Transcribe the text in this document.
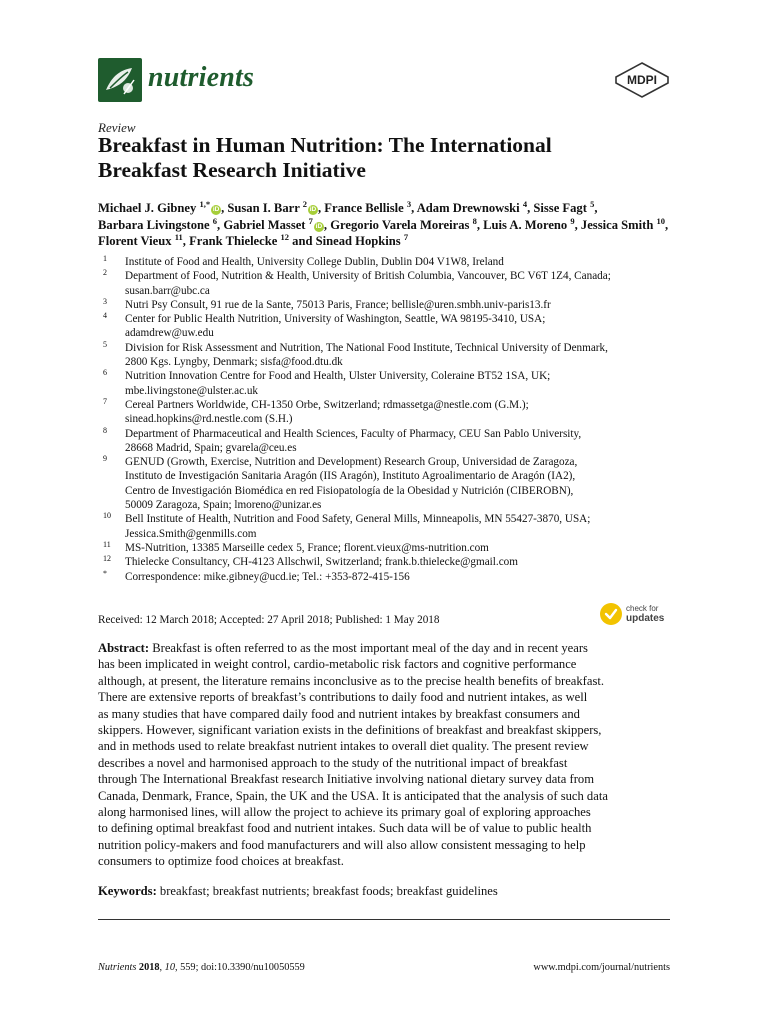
nutrients	MDPI
Review
Breakfast in Human Nutrition: The International
Breakfast Research Initiative
Michael J. Gibney $^{1,*}$iD , Susan I. Barr $^2$iD , France Bellisle $^3$, Adam Drewnowski $^4$, Sisse Fagt $^5$, Barbara Livingstone $^6$, Gabriel Masset $^7$iD , Gregorio Varela Moreiras $^8$, Luis A. Moreno $^9$, Jessica Smith $^{10}$, Florent Vieux $^{11}$, Frank Thielecke $^{12}$ and Sinead Hopkins $^7$
1	Institute of Food and Health, University College Dublin, Dublin D04 V1W8, Ireland
2	Department of Food, Nutrition & Health, University of British Columbia, Vancouver, BC V6T 1Z4, Canada;
susan.barr@ubc.ca
3	Nutri Psy Consult, 91 rue de la Sante, 75013 Paris, France; bellisle@uren.smbh.univ-paris13.fr
4	Center for Public Health Nutrition, University of Washington, Seattle, WA 98195-3410, USA;
adamdrew@uw.edu
5	Division for Risk Assessment and Nutrition, The National Food Institute, Technical University of Denmark,
2800 Kgs. Lyngby, Denmark; sisfa@food.dtu.dk
6	Nutrition Innovation Centre for Food and Health, Ulster University, Coleraine BT52 1SA, UK;
mbe.livingstone@ulster.ac.uk
7	Cereal Partners Worldwide, CH-1350 Orbe, Switzerland; rdmassetga@nestle.com (G.M.);
sinead.hopkins@rd.nestle.com (S.H.)
8	Department of Pharmaceutical and Health Sciences, Faculty of Pharmacy, CEU San Pablo University,
28668 Madrid, Spain; gvarela@ceu.es
9	GENUD (Growth, Exercise, Nutrition and Development) Research Group, Universidad de Zaragoza,
Instituto de Investigación Sanitaria Aragón (IIS Aragón), Instituto Agroalimentario de Aragón (IA2),
Centro de Investigación Biomédica en red Fisiopatología de la Obesidad y Nutrición (CIBEROBN),
50009 Zaragoza, Spain; lmoreno@unizar.es
10	Bell Institute of Health, Nutrition and Food Safety, General Mills, Minneapolis, MN 55427-3870, USA;
Jessica.Smith@genmills.com
11	MS-Nutrition, 13385 Marseille cedex 5, France; florent.vieux@ms-nutrition.com
12	Thielecke Consultancy, CH-4123 Allschwil, Switzerland; frank.b.thielecke@gmail.com
*	Correspondence: mike.gibney@ucd.ie; Tel.: +353-872-415-156
Received: 12 March 2018; Accepted: 27 April 2018; Published: 1 May 2018
check for
updates
Abstract: Breakfast is often referred to as the most important meal of the day and in recent years
has been implicated in weight control, cardio-metabolic risk factors and cognitive performance
although, at present, the literature remains inconclusive as to the precise health benefits of breakfast.
There are extensive reports of breakfast’s contributions to daily food and nutrient intakes, as well
as many studies that have compared daily food and nutrient intakes by breakfast consumers and
skippers. However, significant variation exists in the definitions of breakfast and breakfast skippers,
and in methods used to relate breakfast nutrient intakes to overall diet quality. The present review
describes a novel and harmonised approach to the study of the nutritional impact of breakfast
through The International Breakfast research Initiative involving national dietary survey data from
Canada, Denmark, France, Spain, the UK and the USA. It is anticipated that the analysis of such data
along harmonised lines, will allow the project to achieve its primary goal of exploring approaches
to defining optimal breakfast food and nutrient intakes. Such data will be of value to public health
nutrition policy-makers and food manufacturers and will also allow consistent messaging to help
consumers to optimize food choices at breakfast.
Keywords: breakfast; breakfast nutrients; breakfast foods; breakfast guidelines
Nutrients 2018, 10, 559; doi:10.3390/nu10050559	www.mdpi.com/journal/nutrients
